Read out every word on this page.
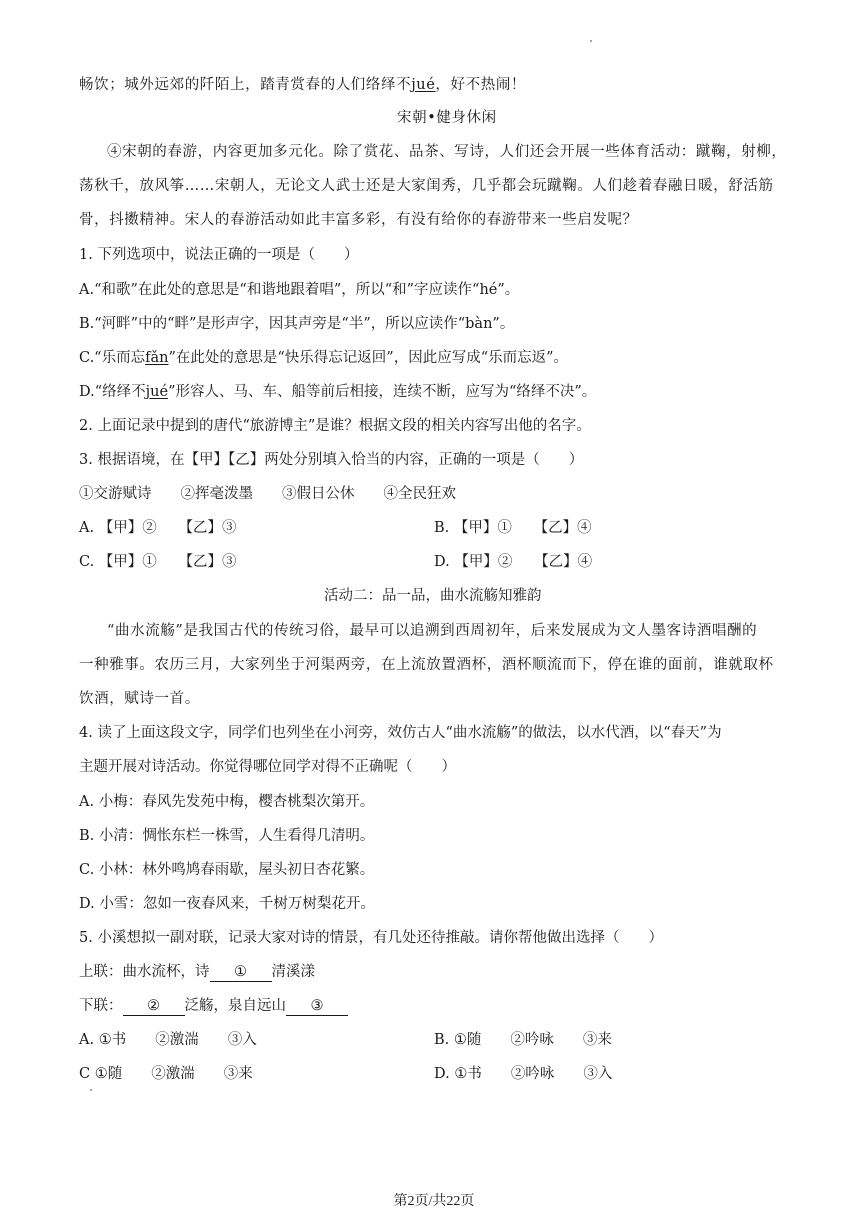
畅饮；城外远郊的阡陌上，踏青赏春的人们络绎不jué，好不热闹！
宋朝•健身休闲
④宋朝的春游，内容更加多元化。除了赏花、品茶、写诗，人们还会开展一些体育活动：蹴鞠，射柳，
荡秋千，放风筝……宋朝人，无论文人武士还是大家闺秀，几乎都会玩蹴鞠。人们趁着春融日暖，舒活筋
骨，抖擞精神。宋人的春游活动如此丰富多彩，有没有给你的春游带来一些启发呢？
1. 下列选项中，说法正确的一项是（　　）
A.“和歌”在此处的意思是“和谐地跟着唱”，所以“和”字应读作“hé”。
B.“河畔”中的“畔”是形声字，因其声旁是“半”，所以应读作“bàn”。
C.“乐而忘fǎn”在此处的意思是“快乐得忘记返回”，因此应写成“乐而忘返”。
D.“络绎不jué”形容人、马、车、船等前后相接，连续不断，应写为“络绎不决”。
2. 上面记录中提到的唐代“旅游博主”是谁？根据文段的相关内容写出他的名字。
3. 根据语境，在【甲】【乙】两处分别填入恰当的内容，正确的一项是（　　）
①交游赋诗　　②挥毫泼墨　　③假日公休　　④全民狂欢
A. 【甲】②　　【乙】③	B. 【甲】①　　【乙】④
C. 【甲】①　　【乙】③	D. 【甲】②　　【乙】④
活动二：品一品，曲水流觞知雅韵
“曲水流觞”是我国古代的传统习俗，最早可以追溯到西周初年，后来发展成为文人墨客诗酒唱酬的
一种雅事。农历三月，大家列坐于河渠两旁，在上流放置酒杯，酒杯顺流而下，停在谁的面前，谁就取杯
饮酒，赋诗一首。
4. 读了上面这段文字，同学们也列坐在小河旁，效仿古人“曲水流觞”的做法，以水代酒，以“春天”为
主题开展对诗活动。你觉得哪位同学对得不正确呢（　　）
A. 小梅：春风先发苑中梅，樱杏桃梨次第开。
B. 小清：惆怅东栏一株雪，人生看得几清明。
C. 小林：林外鸣鸠春雨歇，屋头初日杏花繁。
D. 小雪：忽如一夜春风来，千树万树梨花开。
5. 小溪想拟一副对联，记录大家对诗的情景，有几处还待推敲。请你帮他做出选择（　　）
上联：曲水流杯，诗 ① 清溪漾
下联： ② 泛觞，泉自远山 ③
A. ①书　　②激湍　　③入	B. ①随　　②吟咏　　③来
C ①随　　②激湍　　③来	D. ①书　　②吟咏　　③入
第2页/共22页
